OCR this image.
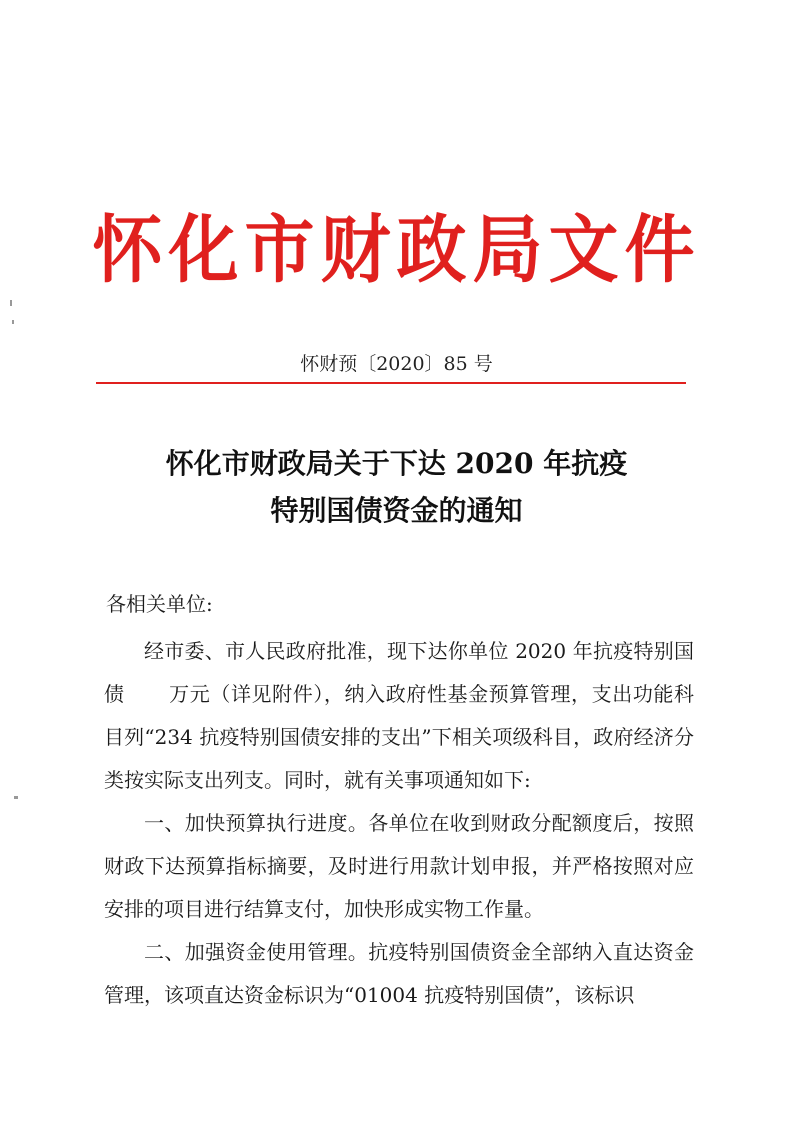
怀化市财政局文件
怀财预〔2020〕85 号
怀化市财政局关于下达 2020 年抗疫
特别国债资金的通知
各相关单位:

经市委、市人民政府批准，现下达你单位 2020 年抗疫特别国债 万元（详见附件），纳入政府性基金预算管理，支出功能科目列“234 抗疫特别国债安排的支出”下相关项级科目，政府经济分类按实际支出列支。同时，就有关事项通知如下:

一、加快预算执行进度。各单位在收到财政分配额度后，按照财政下达预算指标摘要，及时进行用款计划申报，并严格按照对应安排的项目进行结算支付，加快形成实物工作量。

二、加强资金使用管理。抗疫特别国债资金全部纳入直达资金管理，该项直达资金标识为“01004 抗疫特别国债”，该标识
